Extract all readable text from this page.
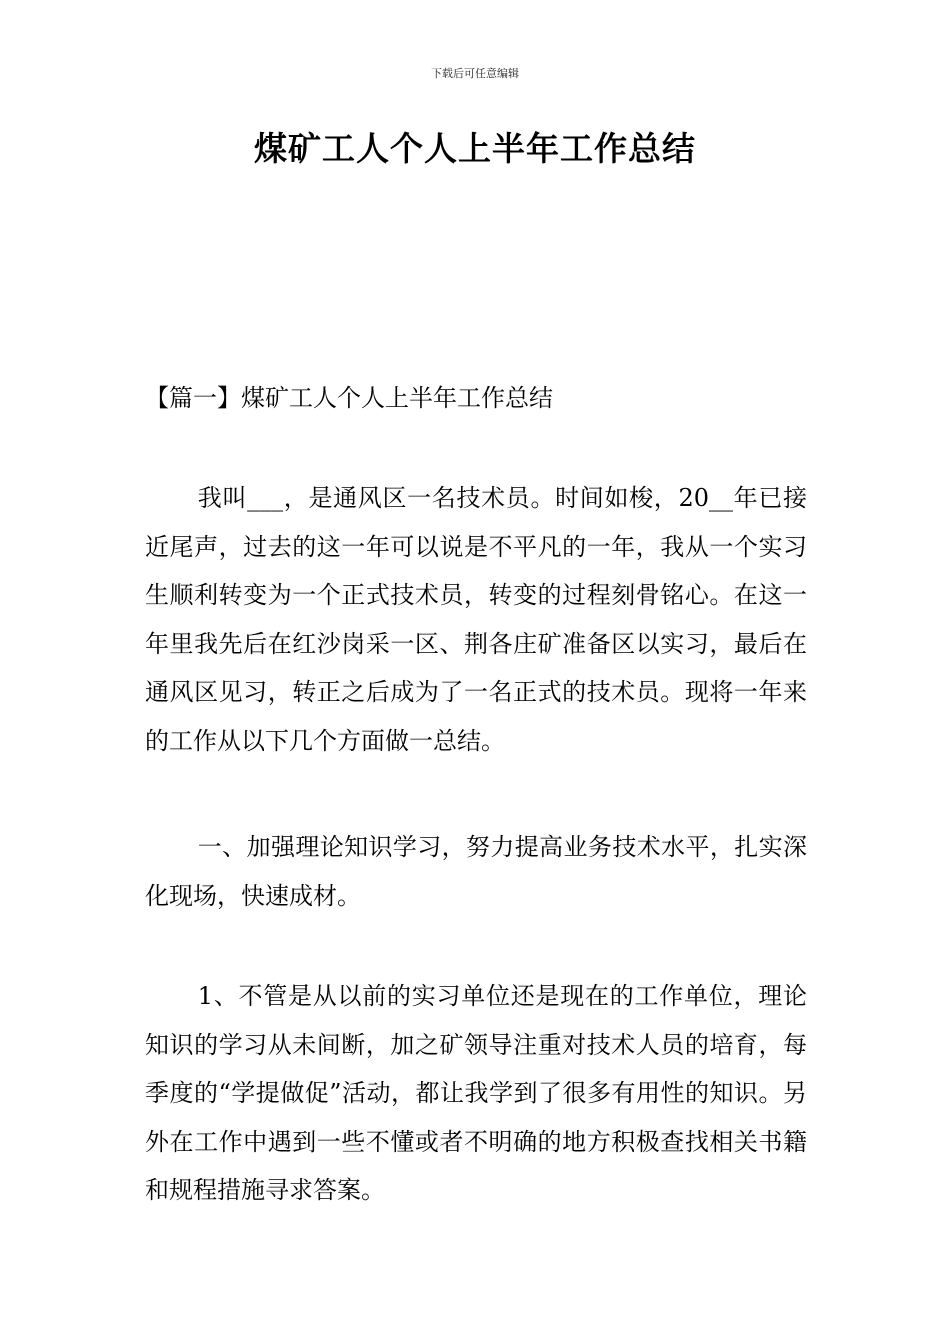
下载后可任意编辑
煤矿工人个人上半年工作总结

【篇一】煤矿工人个人上半年工作总结

我叫___，是通风区一名技术员。时间如梭，20__年已接近尾声，过去的这一年可以说是不平凡的一年，我从一个实习生顺利转变为一个正式技术员，转变的过程刻骨铭心。在这一年里我先后在红沙岗采一区、荆各庄矿准备区以实习，最后在通风区见习，转正之后成为了一名正式的技术员。现将一年来的工作从以下几个方面做一总结。

一、加强理论知识学习，努力提高业务技术水平，扎实深化现场，快速成材。

1、不管是从以前的实习单位还是现在的工作单位，理论知识的学习从未间断，加之矿领导注重对技术人员的培育，每季度的“学提做促”活动，都让我学到了很多有用性的知识。另外在工作中遇到一些不懂或者不明确的地方积极查找相关书籍和规程措施寻求答案。
